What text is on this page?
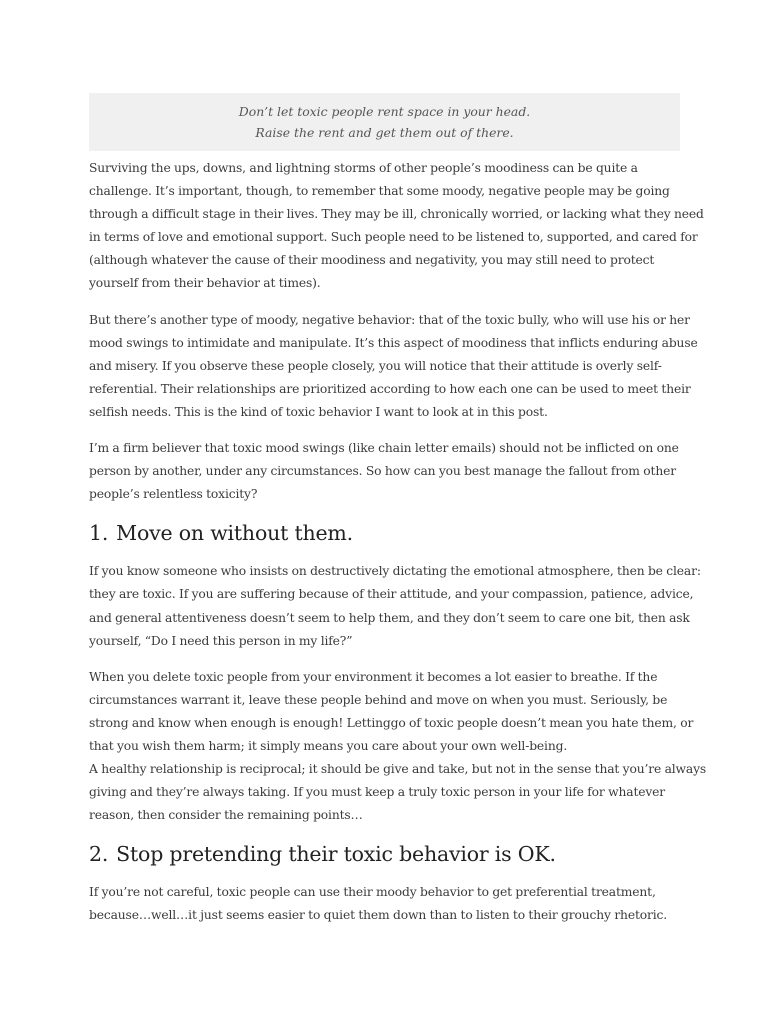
Don’t let toxic people rent space in your head.
Raise the rent and get them out of there.

Surviving the ups, downs, and lightning storms of other people’s moodiness can be quite a
challenge. It’s important, though, to remember that some moody, negative people may be going
through a difficult stage in their lives. They may be ill, chronically worried, or lacking what they need
in terms of love and emotional support. Such people need to be listened to, supported, and cared for
(although whatever the cause of their moodiness and negativity, you may still need to protect
yourself from their behavior at times).

But there’s another type of moody, negative behavior: that of the toxic bully, who will use his or her
mood swings to intimidate and manipulate. It’s this aspect of moodiness that inflicts enduring abuse
and misery. If you observe these people closely, you will notice that their attitude is overly self-
referential. Their relationships are prioritized according to how each one can be used to meet their
selfish needs. This is the kind of toxic behavior I want to look at in this post.

I’m a firm believer that toxic mood swings (like chain letter emails) should not be inflicted on one
person by another, under any circumstances. So how can you best manage the fallout from other
people’s relentless toxicity?

1. Move on without them.

If you know someone who insists on destructively dictating the emotional atmosphere, then be clear:
they are toxic. If you are suffering because of their attitude, and your compassion, patience, advice,
and general attentiveness doesn’t seem to help them, and they don’t seem to care one bit, then ask
yourself, “Do I need this person in my life?”

When you delete toxic people from your environment it becomes a lot easier to breathe. If the
circumstances warrant it, leave these people behind and move on when you must. Seriously, be
strong and know when enough is enough! Lettinggo of toxic people doesn’t mean you hate them, or
that you wish them harm; it simply means you care about your own well-being.
A healthy relationship is reciprocal; it should be give and take, but not in the sense that you’re always
giving and they’re always taking. If you must keep a truly toxic person in your life for whatever
reason, then consider the remaining points…

2. Stop pretending their toxic behavior is OK.

If you’re not careful, toxic people can use their moody behavior to get preferential treatment,
because…well…it just seems easier to quiet them down than to listen to their grouchy rhetoric.
